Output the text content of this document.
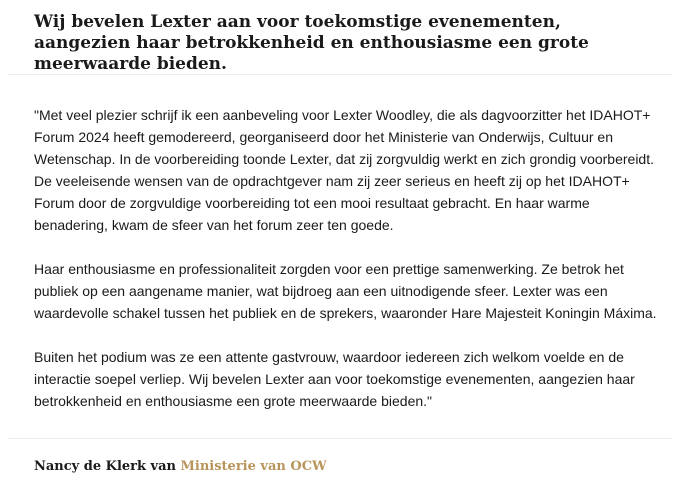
Wij bevelen Lexter aan voor toekomstige evenementen, aangezien haar betrokkenheid en enthousiasme een grote meerwaarde bieden.

"Met veel plezier schrijf ik een aanbeveling voor Lexter Woodley, die als dagvoorzitter het IDAHOT+ Forum 2024 heeft gemodereerd, georganiseerd door het Ministerie van Onderwijs, Cultuur en Wetenschap. In de voorbereiding toonde Lexter, dat zij zorgvuldig werkt en zich grondig voorbereidt. De veeleisende wensen van de opdrachtgever nam zij zeer serieus en heeft zij op het IDAHOT+ Forum door de zorgvuldige voorbereiding tot een mooi resultaat gebracht. En haar warme benadering, kwam de sfeer van het forum zeer ten goede.

Haar enthousiasme en professionaliteit zorgden voor een prettige samenwerking. Ze betrok het publiek op een aangename manier, wat bijdroeg aan een uitnodigende sfeer. Lexter was een waardevolle schakel tussen het publiek en de sprekers, waaronder Hare Majesteit Koningin Máxima.

Buiten het podium was ze een attente gastvrouw, waardoor iedereen zich welkom voelde en de interactie soepel verliep. Wij bevelen Lexter aan voor toekomstige evenementen, aangezien haar betrokkenheid en enthousiasme een grote meerwaarde bieden."

Nancy de Klerk van Ministerie van OCW
